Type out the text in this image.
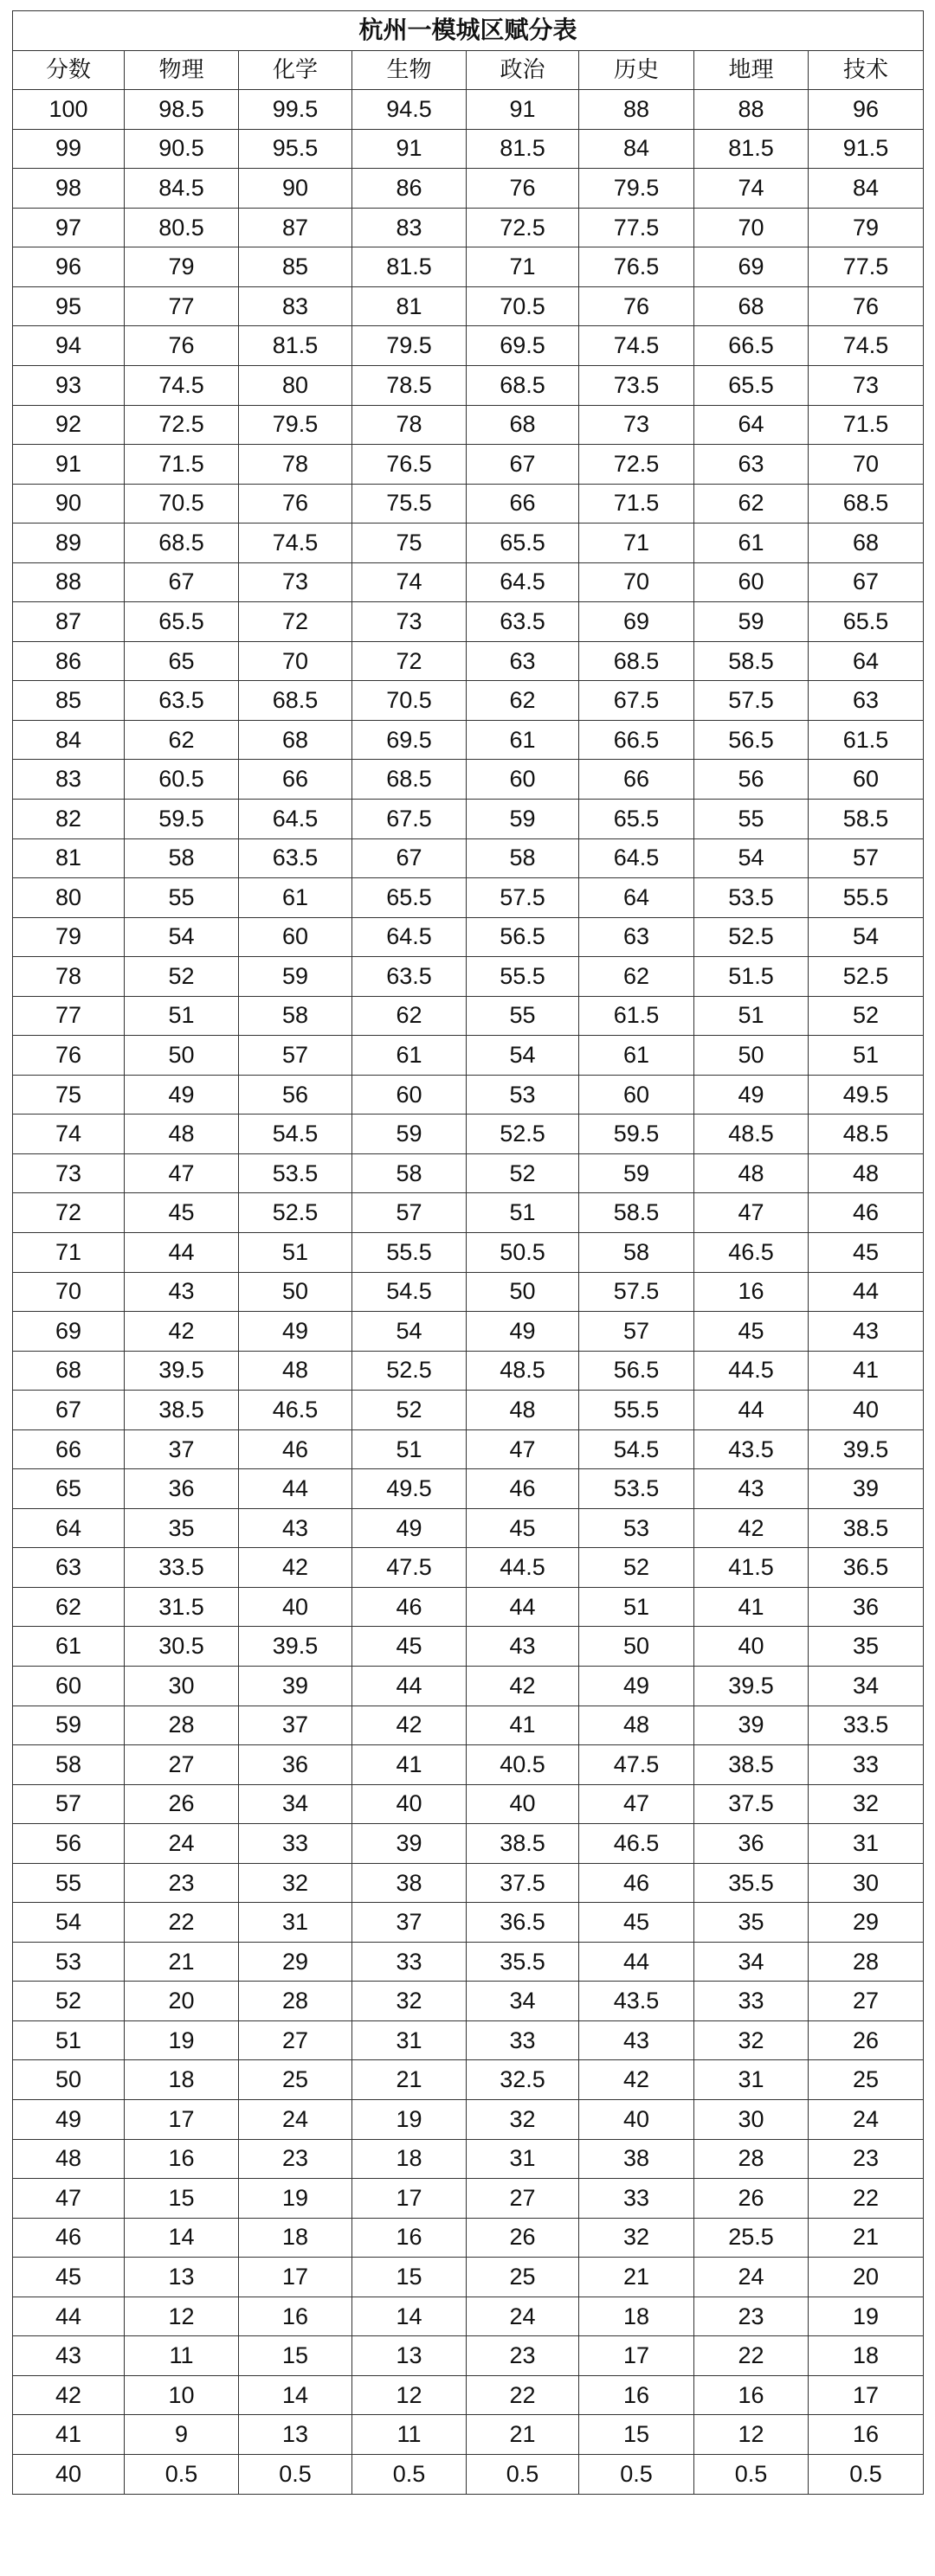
杭州一模城区赋分表							
分数	物理	化学	生物	政治	历史	地理	技术
100	98.5	99.5	94.5	91	88	88	96
99	90.5	95.5	91	81.5	84	81.5	91.5
98	84.5	90	86	76	79.5	74	84
97	80.5	87	83	72.5	77.5	70	79
96	79	85	81.5	71	76.5	69	77.5
95	77	83	81	70.5	76	68	76
94	76	81.5	79.5	69.5	74.5	66.5	74.5
93	74.5	80	78.5	68.5	73.5	65.5	73
92	72.5	79.5	78	68	73	64	71.5
91	71.5	78	76.5	67	72.5	63	70
90	70.5	76	75.5	66	71.5	62	68.5
89	68.5	74.5	75	65.5	71	61	68
88	67	73	74	64.5	70	60	67
87	65.5	72	73	63.5	69	59	65.5
86	65	70	72	63	68.5	58.5	64
85	63.5	68.5	70.5	62	67.5	57.5	63
84	62	68	69.5	61	66.5	56.5	61.5
83	60.5	66	68.5	60	66	56	60
82	59.5	64.5	67.5	59	65.5	55	58.5
81	58	63.5	67	58	64.5	54	57
80	55	61	65.5	57.5	64	53.5	55.5
79	54	60	64.5	56.5	63	52.5	54
78	52	59	63.5	55.5	62	51.5	52.5
77	51	58	62	55	61.5	51	52
76	50	57	61	54	61	50	51
75	49	56	60	53	60	49	49.5
74	48	54.5	59	52.5	59.5	48.5	48.5
73	47	53.5	58	52	59	48	48
72	45	52.5	57	51	58.5	47	46
71	44	51	55.5	50.5	58	46.5	45
70	43	50	54.5	50	57.5	16	44
69	42	49	54	49	57	45	43
68	39.5	48	52.5	48.5	56.5	44.5	41
67	38.5	46.5	52	48	55.5	44	40
66	37	46	51	47	54.5	43.5	39.5
65	36	44	49.5	46	53.5	43	39
64	35	43	49	45	53	42	38.5
63	33.5	42	47.5	44.5	52	41.5	36.5
62	31.5	40	46	44	51	41	36
61	30.5	39.5	45	43	50	40	35
60	30	39	44	42	49	39.5	34
59	28	37	42	41	48	39	33.5
58	27	36	41	40.5	47.5	38.5	33
57	26	34	40	40	47	37.5	32
56	24	33	39	38.5	46.5	36	31
55	23	32	38	37.5	46	35.5	30
54	22	31	37	36.5	45	35	29
53	21	29	33	35.5	44	34	28
52	20	28	32	34	43.5	33	27
51	19	27	31	33	43	32	26
50	18	25	21	32.5	42	31	25
49	17	24	19	32	40	30	24
48	16	23	18	31	38	28	23
47	15	19	17	27	33	26	22
46	14	18	16	26	32	25.5	21
45	13	17	15	25	21	24	20
44	12	16	14	24	18	23	19
43	11	15	13	23	17	22	18
42	10	14	12	22	16	16	17
41	9	13	11	21	15	12	16
40	0.5	0.5	0.5	0.5	0.5	0.5	0.5
